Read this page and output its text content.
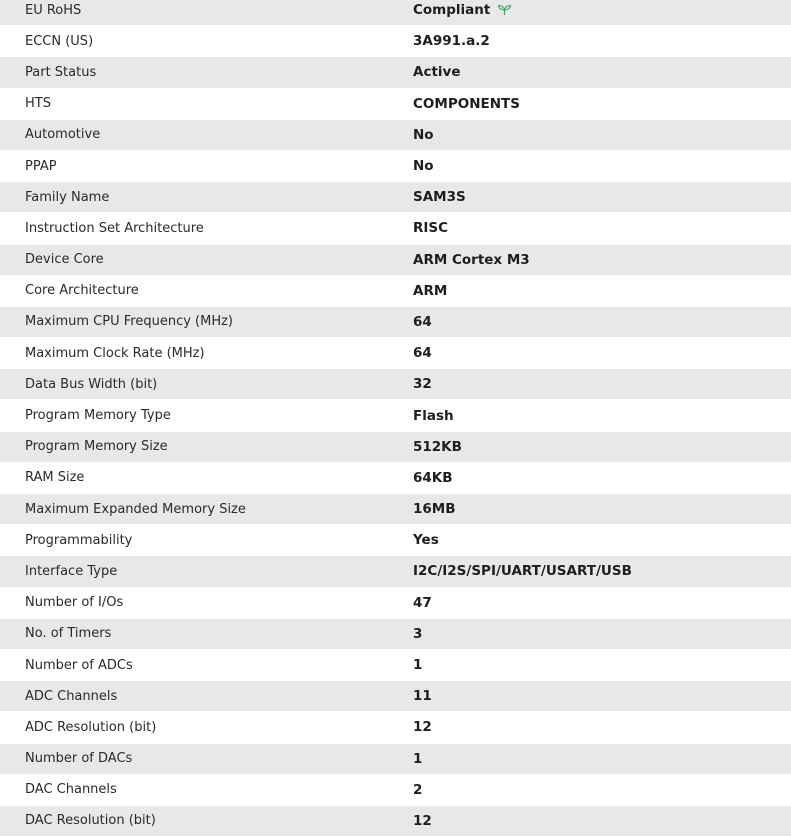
EU RoHS	Compliant
ECCN (US)	3A991.a.2
Part Status	Active
HTS	COMPONENTS
Automotive	No
PPAP	No
Family Name	SAM3S
Instruction Set Architecture	RISC
Device Core	ARM Cortex M3
Core Architecture	ARM
Maximum CPU Frequency (MHz)	64
Maximum Clock Rate (MHz)	64
Data Bus Width (bit)	32
Program Memory Type	Flash
Program Memory Size	512KB
RAM Size	64KB
Maximum Expanded Memory Size	16MB
Programmability	Yes
Interface Type	I2C/I2S/SPI/UART/USART/USB
Number of I/Os	47
No. of Timers	3
Number of ADCs	1
ADC Channels	11
ADC Resolution (bit)	12
Number of DACs	1
DAC Channels	2
DAC Resolution (bit)	12
